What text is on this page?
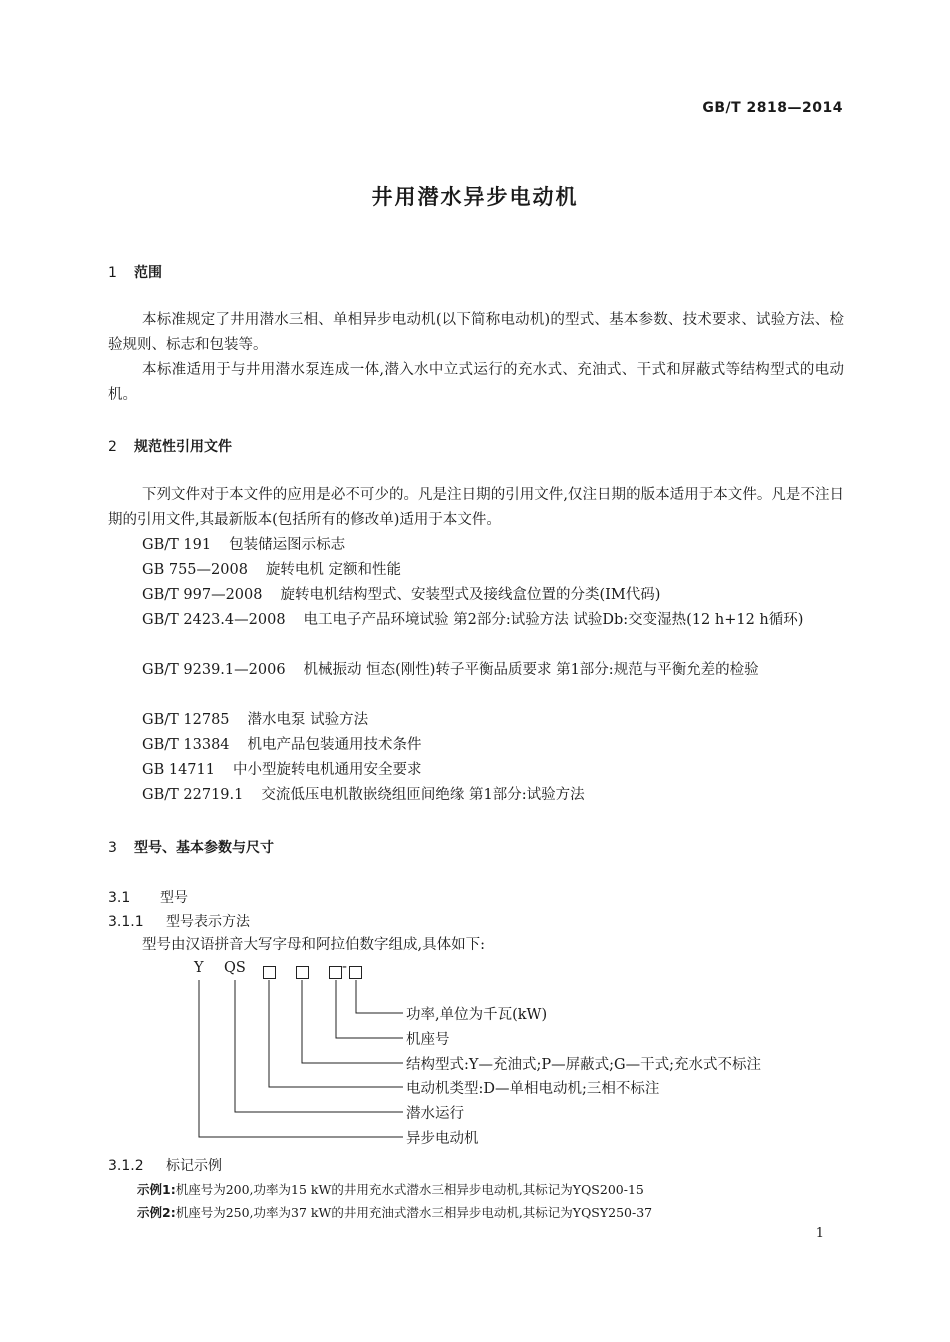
GB/T 2818—2014
井用潜水异步电动机
1 范围
本标准规定了井用潜水三相、单相异步电动机(以下简称电动机)的型式、基本参数、技术要求、试验方法、检验规则、标志和包装等。
本标准适用于与井用潜水泵连成一体,潜入水中立式运行的充水式、充油式、干式和屏蔽式等结构型式的电动机。
2 规范性引用文件
下列文件对于本文件的应用是必不可少的。凡是注日期的引用文件,仅注日期的版本适用于本文件。凡是不注日期的引用文件,其最新版本(包括所有的修改单)适用于本文件。
GB/T 191 包装储运图示标志
GB 755—2008 旋转电机 定额和性能
GB/T 997—2008 旋转电机结构型式、安装型式及接线盒位置的分类(IM代码)
GB/T 2423.4—2008 电工电子产品环境试验 第2部分:试验方法 试验Db:交变湿热(12 h+12 h循环)
GB/T 9239.1—2006 机械振动 恒态(刚性)转子平衡品质要求 第1部分:规范与平衡允差的检验
GB/T 12785 潜水电泵 试验方法
GB/T 13384 机电产品包装通用技术条件
GB 14711 中小型旋转电机通用安全要求
GB/T 22719.1 交流低压电机散嵌绕组匝间绝缘 第1部分:试验方法
3 型号、基本参数与尺寸
3.1 型号
3.1.1 型号表示方法
型号由汉语拼音大写字母和阿拉伯数字组成,具体如下:
Y QS	-
功率,单位为千瓦(kW)
机座号
结构型式:Y—充油式;P—屏蔽式;G—干式;充水式不标注
电动机类型:D—单相电动机;三相不标注
潜水运行
异步电动机
3.1.2 标记示例
示例1:机座号为200,功率为15 kW的井用充水式潜水三相异步电动机,其标记为YQS200-15
示例2:机座号为250,功率为37 kW的井用充油式潜水三相异步电动机,其标记为YQSY250-37
1
